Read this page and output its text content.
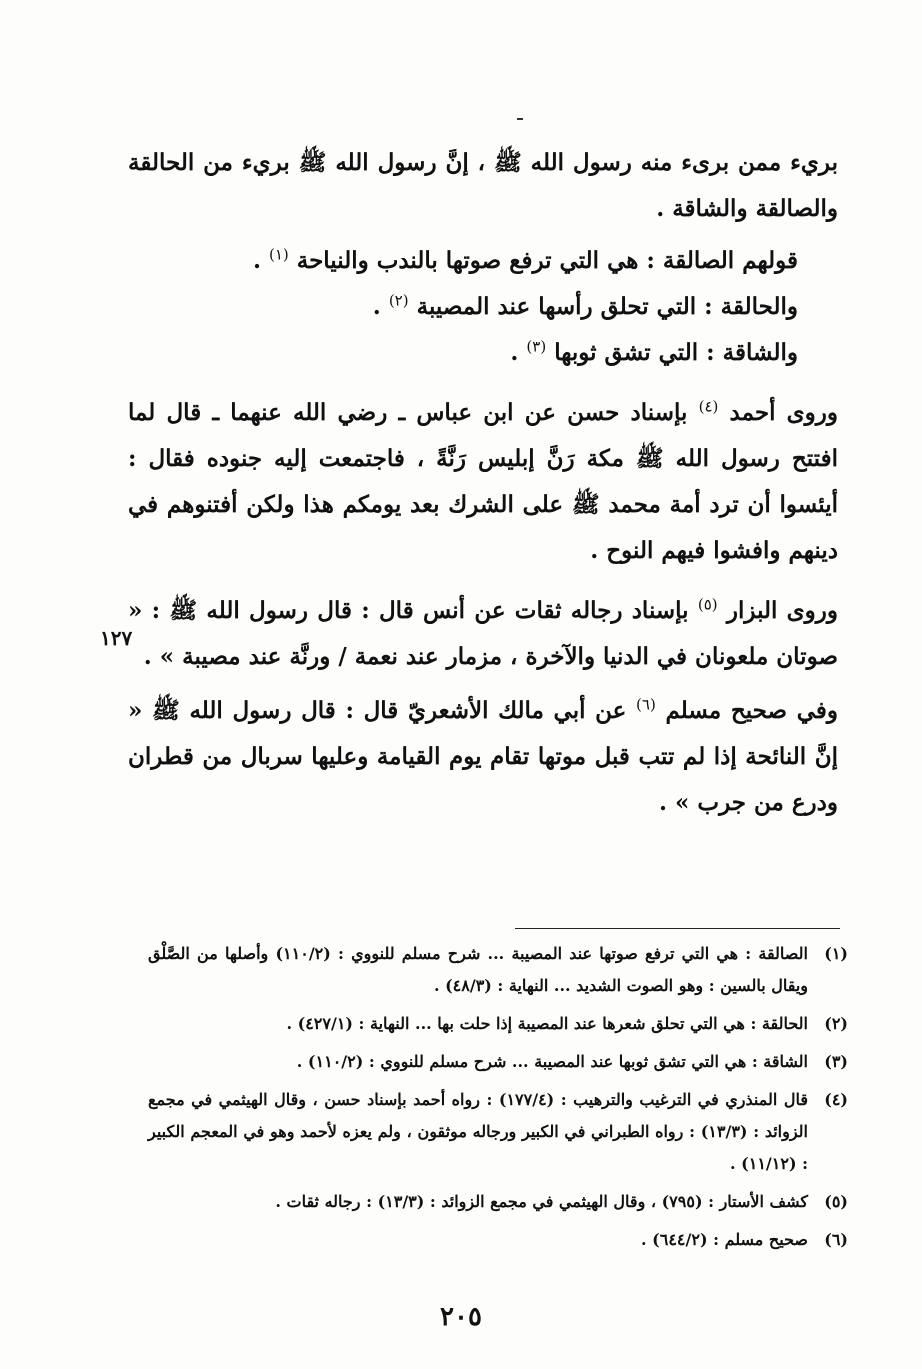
بريء ممن برىء منه رسول الله ﷺ ، إنَّ رسول الله ﷺ بريء من الحالقة والصالقة والشاقة .

قولهم الصالقة : هي التي ترفع صوتها بالندب والنياحة $^{(١)}$ .

والحالقة : التي تحلق رأسها عند المصيبة $^{(٢)}$ .

والشاقة : التي تشق ثوبها $^{(٣)}$ .

وروى أحمد $^{(٤)}$ بإسناد حسن عن ابن عباس ـ رضي الله عنهما ـ قال لما افتتح رسول الله ﷺ مكة رَنَّ إبليس رَنَّةً ، فاجتمعت إليه جنوده فقال : أيئسوا أن ترد أمة محمد ﷺ على الشرك بعد يومكم هذا ولكن أفتنوهم في دينهم وافشوا فيهم النوح .

وروى البزار $^{(٥)}$ بإسناد رجاله ثقات عن أنس قال : قال رسول الله ﷺ : « صوتان ملعونان في الدنيا والآخرة ، مزمار عند نعمة / ورنَّة عند مصيبة » .

وفي صحيح مسلم $^{(٦)}$ عن أبي مالك الأشعريّ قال : قال رسول الله ﷺ « إنَّ النائحة إذا لم تتب قبل موتها تقام يوم القيامة وعليها سربال من قطران ودرع من جرب » .

١٢٧
(١)
الصالقة : هي التي ترفع صوتها عند المصيبة ... شرح مسلم للنووي : (١١٠/٢) وأصلها من الصَّلْق ويقال بالسين : وهو الصوت الشديد ... النهاية : (٤٨/٣) .
(٢)
الحالقة : هي التي تحلق شعرها عند المصيبة إذا حلت بها ... النهاية : (٤٢٧/١) .
(٣)
الشاقة : هي التي تشق ثوبها عند المصيبة ... شرح مسلم للنووي : (١١٠/٢) .
(٤)
قال المنذري في الترغيب والترهيب : (١٧٧/٤) : رواه أحمد بإسناد حسن ، وقال الهيثمي في مجمع الزوائد : (١٣/٣) : رواه الطبراني في الكبير ورجاله موثقون ، ولم يعزه لأحمد وهو في المعجم الكبير : (١١/١٢) .
(٥)
كشف الأستار : (٧٩٥) ، وقال الهيثمي في مجمع الزوائد : (١٣/٣) : رجاله ثقات .
(٦)
صحيح مسلم : (٦٤٤/٢) .
٢٠٥
